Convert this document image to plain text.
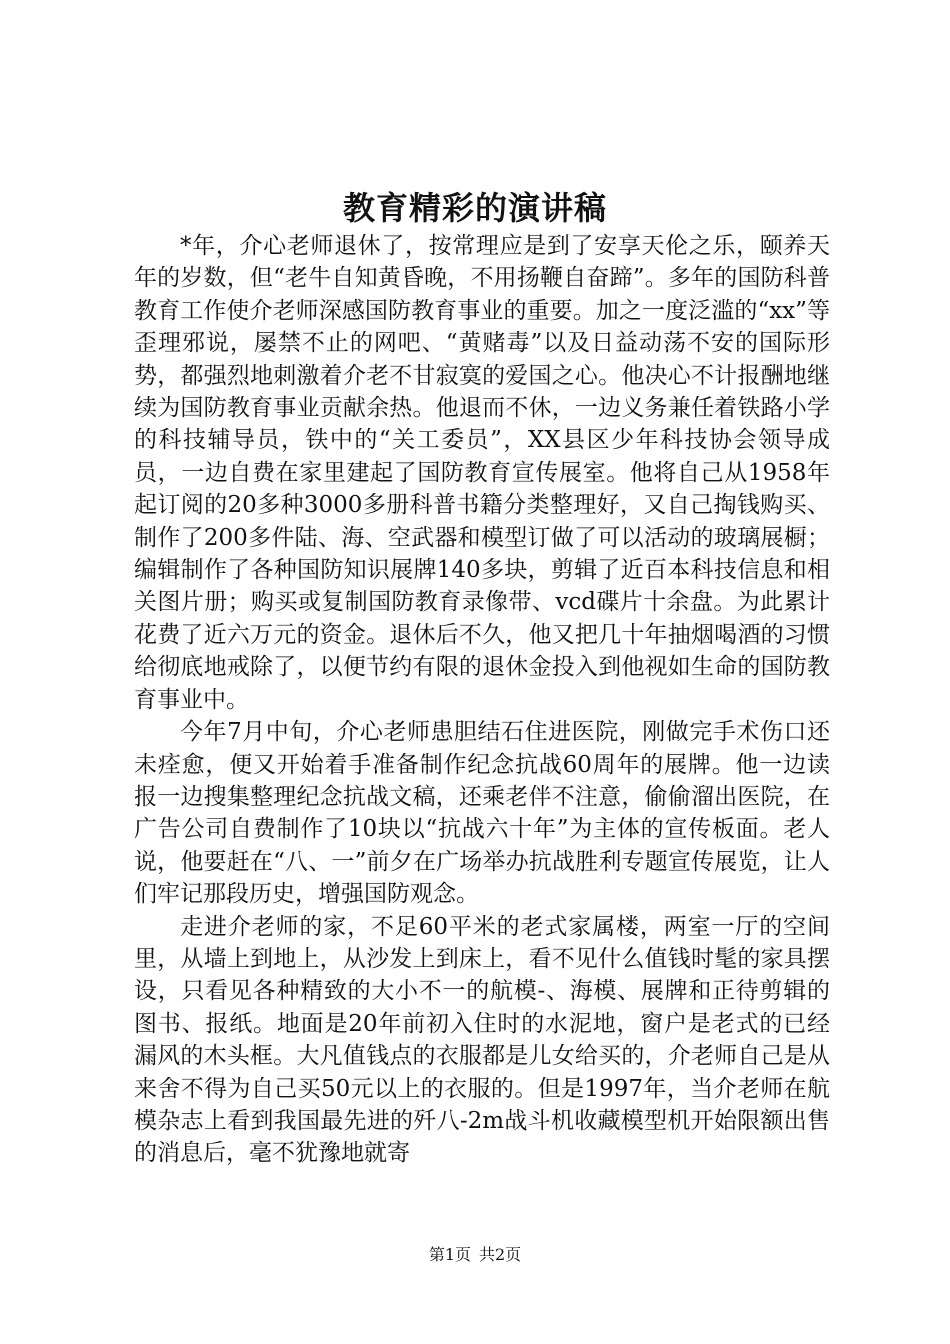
教育精彩的演讲稿

*年，介心老师退休了，按常理应是到了安享天伦之乐，颐养天年的岁数，但“老牛自知黄昏晚，不用扬鞭自奋蹄”。多年的国防科普教育工作使介老师深感国防教育事业的重要。加之一度泛滥的“xx”等歪理邪说，屡禁不止的网吧、“黄赌毒”以及日益动荡不安的国际形势，都强烈地刺激着介老不甘寂寞的爱国之心。他决心不计报酬地继续为国防教育事业贡献余热。他退而不休，一边义务兼任着铁路小学的科技辅导员，铁中的“关工委员”，XX县区少年科技协会领导成员，一边自费在家里建起了国防教育宣传展室。他将自己从1958年起订阅的20多种3000多册科普书籍分类整理好，又自己掏钱购买、制作了200多件陆、海、空武器和模型订做了可以活动的玻璃展橱；编辑制作了各种国防知识展牌140多块，剪辑了近百本科技信息和相关图片册；购买或复制国防教育录像带、vcd碟片十余盘。为此累计花费了近六万元的资金。退休后不久，他又把几十年抽烟喝酒的习惯给彻底地戒除了，以便节约有限的退休金投入到他视如生命的国防教育事业中。

今年7月中旬，介心老师患胆结石住进医院，刚做完手术伤口还未痊愈，便又开始着手准备制作纪念抗战60周年的展牌。他一边读报一边搜集整理纪念抗战文稿，还乘老伴不注意，偷偷溜出医院，在广告公司自费制作了10块以“抗战六十年”为主体的宣传板面。老人说，他要赶在“八、一”前夕在广场举办抗战胜利专题宣传展览，让人们牢记那段历史，增强国防观念。

走进介老师的家，不足60平米的老式家属楼，两室一厅的空间里，从墙上到地上，从沙发上到床上，看不见什么值钱时髦的家具摆设，只看见各种精致的大小不一的航模-、海模、展牌和正待剪辑的图书、报纸。地面是20年前初入住时的水泥地，窗户是老式的已经漏风的木头框。大凡值钱点的衣服都是儿女给买的，介老师自己是从来舍不得为自己买50元以上的衣服的。但是1997年，当介老师在航模杂志上看到我国最先进的歼八-2m战斗机收藏模型机开始限额出售的消息后，毫不犹豫地就寄

第1页 共2页
